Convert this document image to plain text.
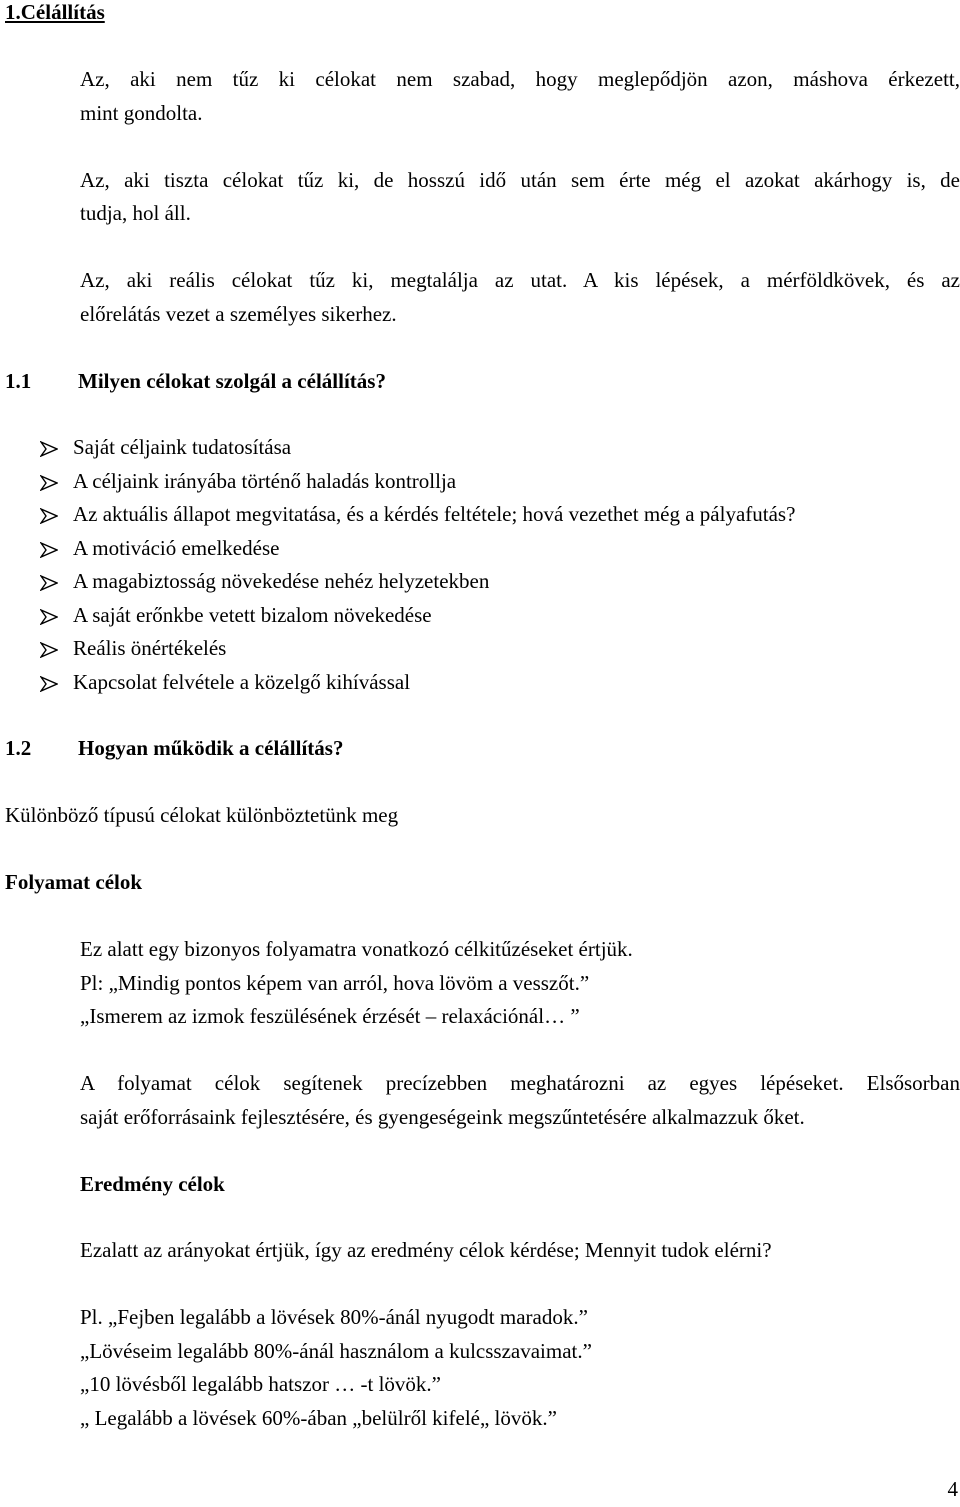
1.Célállítás

Az, aki nem tűz ki célokat nem szabad, hogy meglepődjön azon, máshova érkezett,

mint gondolta.

Az, aki tiszta célokat tűz ki, de hosszú idő után sem érte még el azokat akárhogy is, de

tudja, hol áll.

Az, aki reális célokat tűz ki, megtalálja az utat. A kis lépések, a mérföldkövek, és az

előrelátás vezet a személyes sikerhez.

1.1 Milyen célokat szolgál a célállítás?

Saját céljaink tudatosítása

A céljaink irányába történő haladás kontrollja

Az aktuális állapot megvitatása, és a kérdés feltétele; hová vezethet még a pályafutás?

A motiváció emelkedése

A magabiztosság növekedése nehéz helyzetekben

A saját erőnkbe vetett bizalom növekedése

Reális önértékelés

Kapcsolat felvétele a közelgő kihívással

1.2 Hogyan működik a célállítás?

Különböző típusú célokat különböztetünk meg

Folyamat célok

Ez alatt egy bizonyos folyamatra vonatkozó célkitűzéseket értjük.

Pl: „Mindig pontos képem van arról, hova lövöm a vesszőt.”

„Ismerem az izmok feszülésének érzését – relaxációnál… ”

A folyamat célok segítenek precízebben meghatározni az egyes lépéseket. Elsősorban

saját erőforrásaink fejlesztésére, és gyengeségeink megszűntetésére alkalmazzuk őket.

Eredmény célok

Ezalatt az arányokat értjük, így az eredmény célok kérdése; Mennyit tudok elérni?

Pl. „Fejben legalább a lövések 80%-ánál nyugodt maradok.”

„Lövéseim legalább 80%-ánál használom a kulcsszavaimat.”

„10 lövésből legalább hatszor … -t lövök.”

„ Legalább a lövések 60%-ában „belülről kifelé„ lövök.”

4
